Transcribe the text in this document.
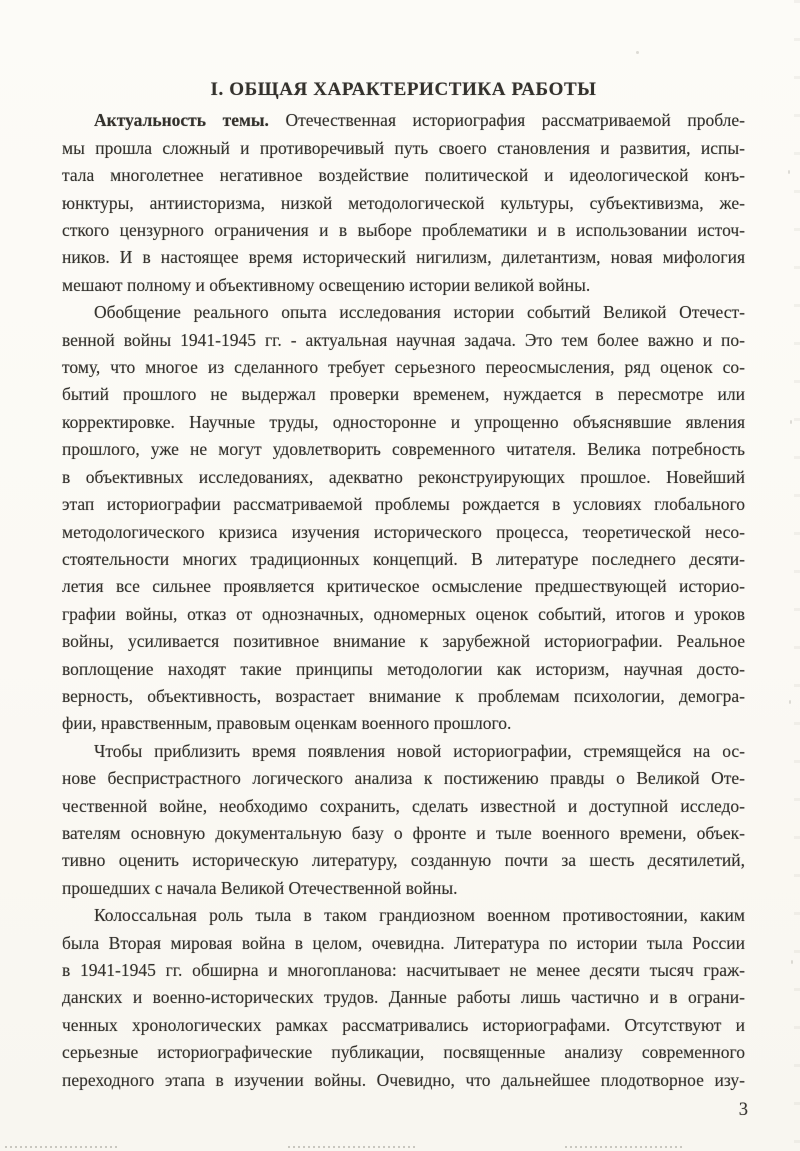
I. ОБЩАЯ ХАРАКТЕРИСТИКА РАБОТЫ
Актуальность темы. Отечественная историография рассматриваемой пробле-
мы прошла сложный и противоречивый путь своего становления и развития, испы-
тала многолетнее негативное воздействие политической и идеологической конъ-
юнктуры, антиисторизма, низкой методологической культуры, субъективизма, же-
сткого цензурного ограничения и в выборе проблематики и в использовании источ-
ников. И в настоящее время исторический нигилизм, дилетантизм, новая мифология
мешают полному и объективному освещению истории великой войны.
Обобщение реального опыта исследования истории событий Великой Отечест-
венной войны 1941-1945 гг. - актуальная научная задача. Это тем более важно и по-
тому, что многое из сделанного требует серьезного переосмысления, ряд оценок со-
бытий прошлого не выдержал проверки временем, нуждается в пересмотре или
корректировке. Научные труды, односторонне и упрощенно объяснявшие явления
прошлого, уже не могут удовлетворить современного читателя. Велика потребность
в объективных исследованиях, адекватно реконструирующих прошлое. Новейший
этап историографии рассматриваемой проблемы рождается в условиях глобального
методологического кризиса изучения исторического процесса, теоретической несо-
стоятельности многих традиционных концепций. В литературе последнего десяти-
летия все сильнее проявляется критическое осмысление предшествующей историо-
графии войны, отказ от однозначных, одномерных оценок событий, итогов и уроков
войны, усиливается позитивное внимание к зарубежной историографии. Реальное
воплощение находят такие принципы методологии как историзм, научная досто-
верность, объективность, возрастает внимание к проблемам психологии, демогра-
фии, нравственным, правовым оценкам военного прошлого.
Чтобы приблизить время появления новой историографии, стремящейся на ос-
нове беспристрастного логического анализа к постижению правды о Великой Оте-
чественной войне, необходимо сохранить, сделать известной и доступной исследо-
вателям основную документальную базу о фронте и тыле военного времени, объек-
тивно оценить историческую литературу, созданную почти за шесть десятилетий,
прошедших с начала Великой Отечественной войны.
Колоссальная роль тыла в таком грандиозном военном противостоянии, каким
была Вторая мировая война в целом, очевидна. Литература по истории тыла России
в 1941-1945 гг. обширна и многопланова: насчитывает не менее десяти тысяч граж-
данских и военно-исторических трудов. Данные работы лишь частично и в ограни-
ченных хронологических рамках рассматривались историографами. Отсутствуют и
серьезные историографические публикации, посвященные анализу современного
переходного этапа в изучении войны. Очевидно, что дальнейшее плодотворное изу-
3
